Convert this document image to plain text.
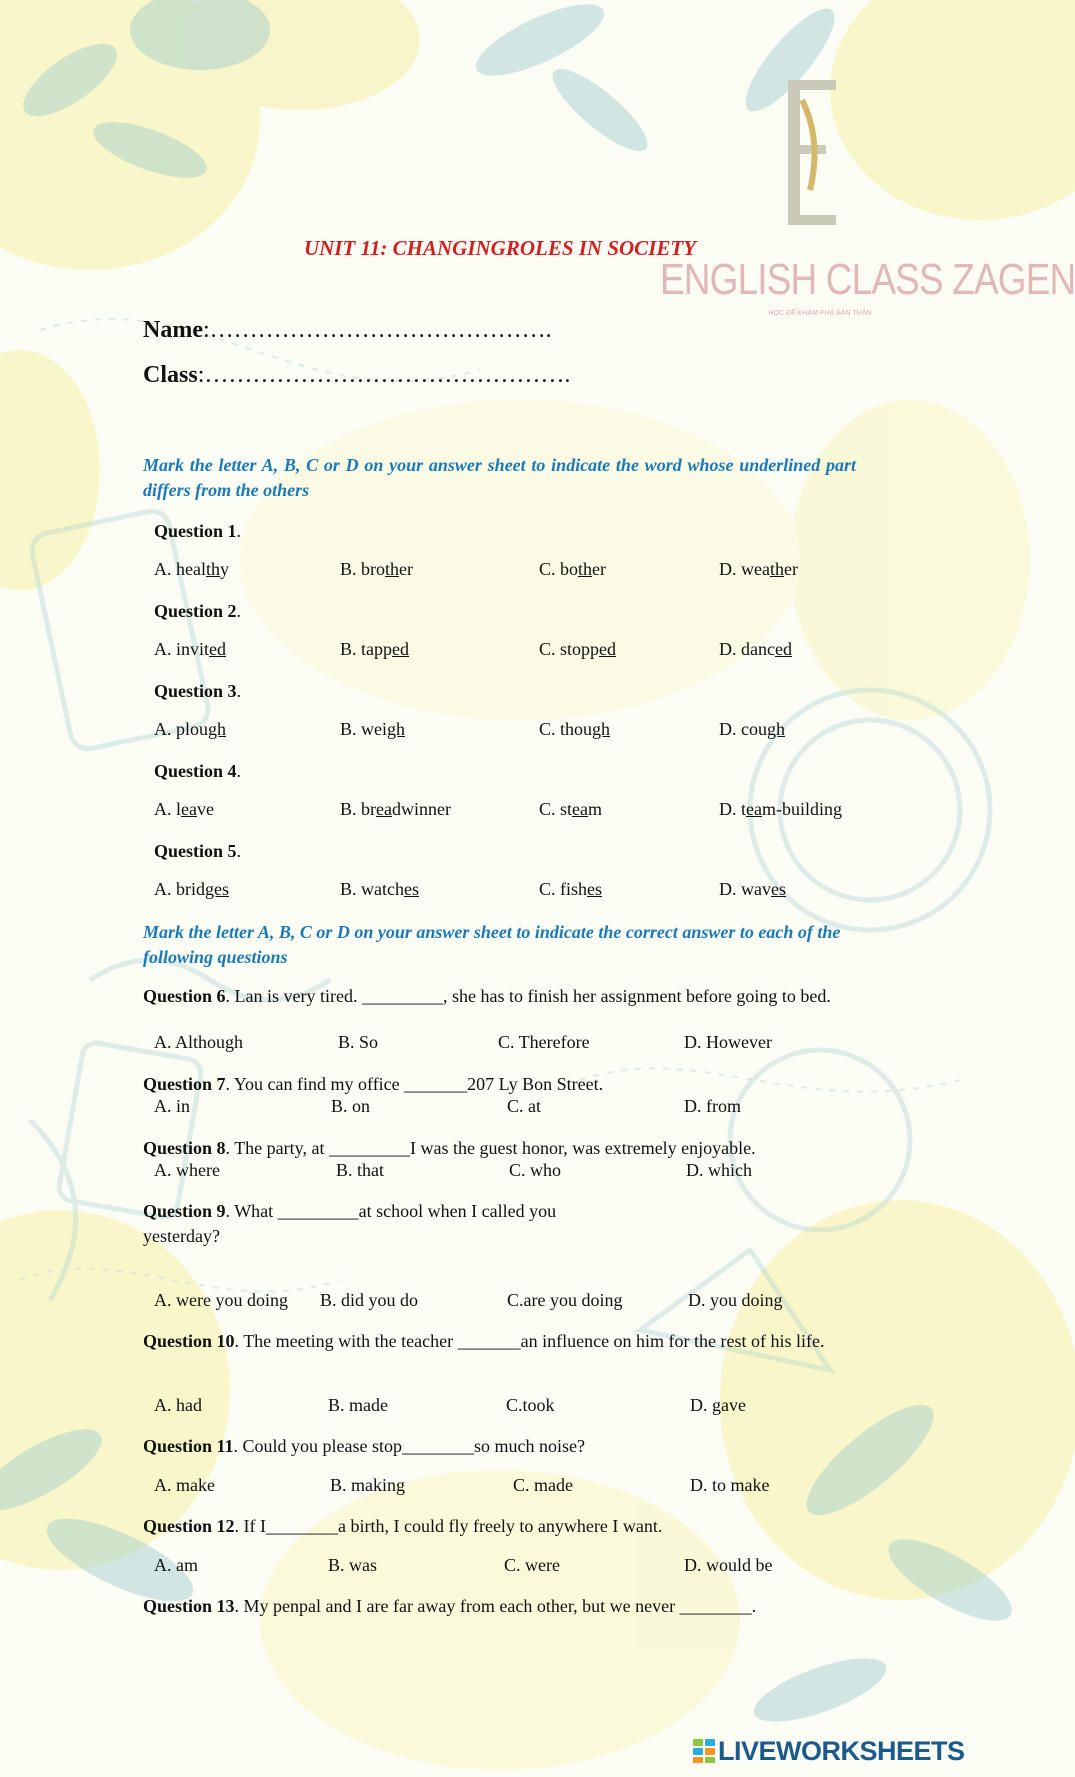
ENGLISH CLASS ZAGEN
HỌC ĐỂ KHÁM PHÁ BẢN THÂN
UNIT 11: CHANGINGROLES IN SOCIETY
Name:…………………………………….
Class:……………………………………….
Mark the letter A, B, C or D on your answer sheet to indicate the word whose underlined part differs from the others
Question 1.
A. healthy	B. brother	C. bother	D. weather
Question 2.
A. invited	B. tapped	C. stopped	D. danced
Question 3.
A. plough	B. weigh	C. though	D. cough
Question 4.
A. leave	B. breadwinner	C. steam	D. team-building
Question 5.
A. bridges	B. watches	C. fishes	D. waves
Mark the letter A, B, C or D on your answer sheet to indicate the correct answer to each of the following questions
Question 6. Lan is very tired. _________, she has to finish her assignment before going to bed.
A. Although	B. So	C. Therefore	D. However
Question 7. You can find my office _______207 Ly Bon Street.
A. in	B. on	C. at	D. from
Question 8. The party, at _________I was the guest honor, was extremely enjoyable.
A. where	B. that	C. who	D. which
Question 9. What _________at school when I called you
yesterday?
A. were you doing B. did you do	C.are you doing	D. you doing
Question 10. The meeting with the teacher _______an influence on him for the rest of his life.
A. had	B. made	C.took	D. gave
Question 11. Could you please stop________so much noise?
A. make	B. making	C. made	D. to make
Question 12. If I________a birth, I could fly freely to anywhere I want.
A. am	B. was	C. were	D. would be
Question 13. My penpal and I are far away from each other, but we never ________.
LIVEWORKSHEETS
